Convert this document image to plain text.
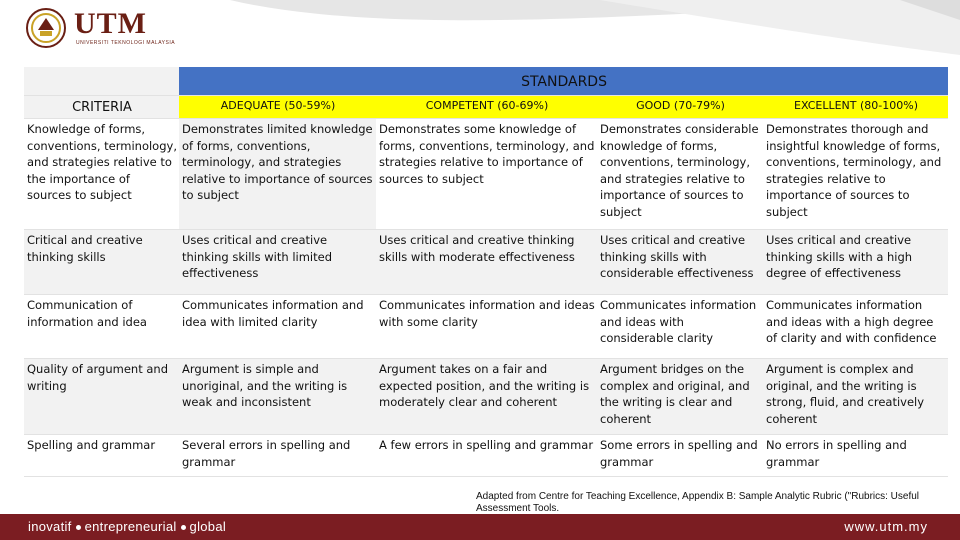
UTM
UNIVERSITI TEKNOLOGI MALAYSIA
	STANDARDS			
CRITERIA	ADEQUATE (50-59%)	COMPETENT (60-69%)	GOOD (70-79%)	EXCELLENT (80-100%)
Knowledge of forms, conventions, terminology, and strategies relative to the importance of sources to subject	Demonstrates limited knowledge of forms, conventions, terminology, and strategies relative to importance of sources to subject	Demonstrates some knowledge of forms, conventions, terminology, and strategies relative to importance of sources to subject	Demonstrates considerable knowledge of forms, conventions, terminology, and strategies relative to importance of sources to subject	Demonstrates thorough and insightful knowledge of forms, conventions, terminology, and strategies relative to importance of sources to subject
Critical and creative thinking skills	Uses critical and creative thinking skills with limited effectiveness	Uses critical and creative thinking skills with moderate effectiveness	Uses critical and creative thinking skills with considerable effectiveness	Uses critical and creative thinking skills with a high degree of effectiveness
Communication of information and idea	Communicates information and idea with limited clarity	Communicates information and ideas with some clarity	Communicates information and ideas with considerable clarity	Communicates information and ideas with a high degree of clarity and with confidence
Quality of argument and writing	Argument is simple and unoriginal, and the writing is weak and inconsistent	Argument takes on a fair and expected position, and the writing is moderately clear and coherent	Argument bridges on the complex and original, and the writing is clear and coherent	Argument is complex and original, and the writing is strong, fluid, and creatively coherent
Spelling and grammar	Several errors in spelling and grammar	A few errors in spelling and grammar	Some errors in spelling and grammar	No errors in spelling and grammar
Adapted from Centre for Teaching Excellence, Appendix B: Sample Analytic Rubric ("Rubrics: Useful Assessment Tools.
inovatif entrepreneurial global	www.utm.my
